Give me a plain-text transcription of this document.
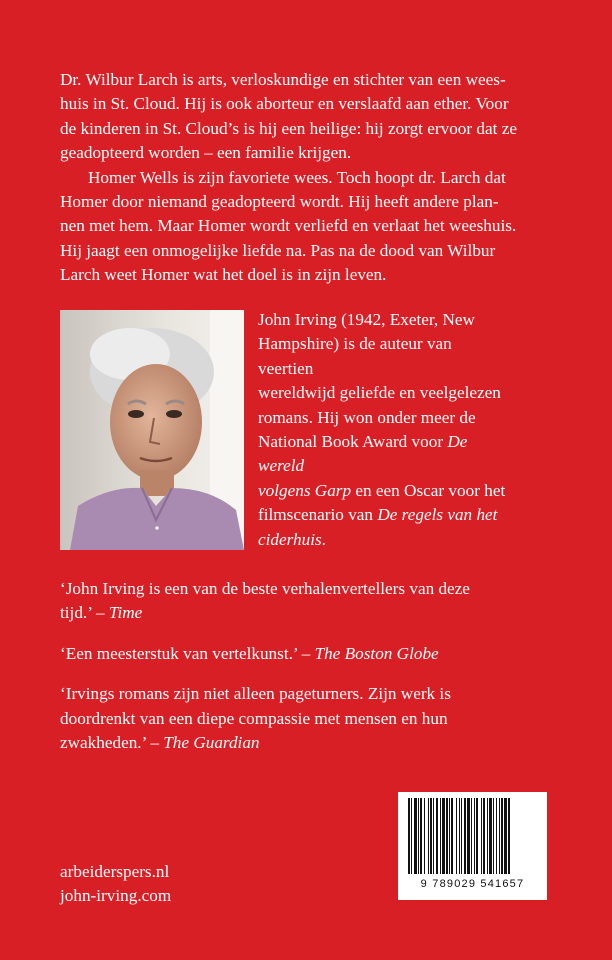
Dr. Wilbur Larch is arts, verloskundige en stichter van een wees-
huis in St. Cloud. Hij is ook aborteur en verslaafd aan ether. Voor
de kinderen in St. Cloud’s is hij een heilige: hij zorgt ervoor dat ze
geadopteerd worden – een familie krijgen.

Homer Wells is zijn favoriete wees. Toch hoopt dr. Larch dat
Homer door niemand geadopteerd wordt. Hij heeft andere plan-
nen met hem. Maar Homer wordt verliefd en verlaat het weeshuis.
Hij jaagt een onmogelijke liefde na. Pas na de dood van Wilbur
Larch weet Homer wat het doel is in zijn leven.

John Irving (1942, Exeter, New
Hampshire) is de auteur van veertien
wereldwijd geliefde en veelgelezen
romans. Hij won onder meer de
National Book Award voor De wereld
volgens Garp en een Oscar voor het
filmscenario van De regels van het
ciderhuis.

‘John Irving is een van de beste verhalenvertellers van deze
tijd.’ – Time

‘Een meesterstuk van vertelkunst.’ – The Boston Globe

‘Irvings romans zijn niet alleen pageturners. Zijn werk is
doordrenkt van een diepe compassie met mensen en hun
zwakheden.’ – The Guardian

arbeiderspers.nl
john-irving.com
9 789029 541657
